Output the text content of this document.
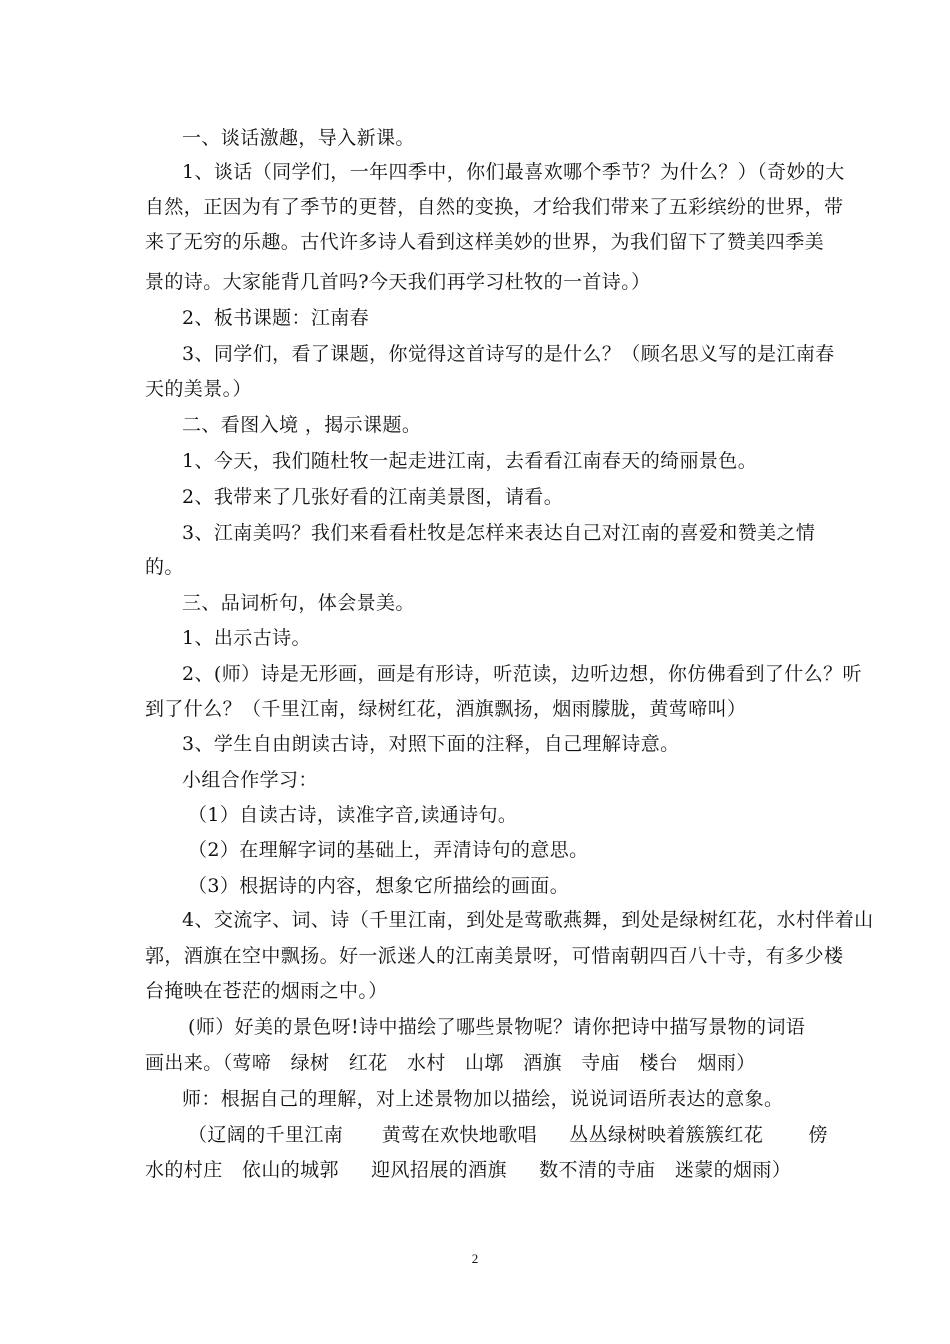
一、谈话激趣，导入新课。
1、谈话（同学们，一年四季中，你们最喜欢哪个季节？为什么？）（奇妙的大
自然，正因为有了季节的更替，自然的变换，才给我们带来了五彩缤纷的世界，带
来了无穷的乐趣。古代许多诗人看到这样美妙的世界，为我们留下了赞美四季美
景的诗。大家能背几首吗?今天我们再学习杜牧的一首诗。）
2、板书课题：江南春
3、同学们，看了课题，你觉得这首诗写的是什么？（顾名思义写的是江南春
天的美景。）
二、看图入境 ，揭示课题。
1、今天，我们随杜牧一起走进江南，去看看江南春天的绮丽景色。
2、我带来了几张好看的江南美景图，请看。
3、江南美吗？我们来看看杜牧是怎样来表达自己对江南的喜爱和赞美之情
的。
三、品词析句，体会景美。
1、出示古诗。
2、(师）诗是无形画，画是有形诗，听范读，边听边想，你仿佛看到了什么？听
到了什么？（千里江南，绿树红花，酒旗飘扬，烟雨朦胧，黄莺啼叫）
3、学生自由朗读古诗，对照下面的注释，自己理解诗意。
小组合作学习：
（1）自读古诗，读准字音,读通诗句。
（2）在理解字词的基础上，弄清诗句的意思。
（3）根据诗的内容，想象它所描绘的画面。
4、交流字、词、诗（千里江南，到处是莺歌燕舞，到处是绿树红花，水村伴着山
郭，酒旗在空中飘扬。好一派迷人的江南美景呀，可惜南朝四百八十寺，有多少楼
台掩映在苍茫的烟雨之中。）
(师）好美的景色呀!诗中描绘了哪些景物呢？请你把诗中描写景物的词语
画出来。（莺啼   绿树   红花   水村   山墎   酒旗   寺庙   楼台   烟雨）
师：根据自己的理解，对上述景物加以描绘，说说词语所表达的意象。
（辽阔的千里江南      黄莺在欢快地歌唱     丛丛绿树映着簇簇红花       傍
水的村庄   依山的城郭     迎风招展的酒旗     数不清的寺庙   迷蒙的烟雨）
2
